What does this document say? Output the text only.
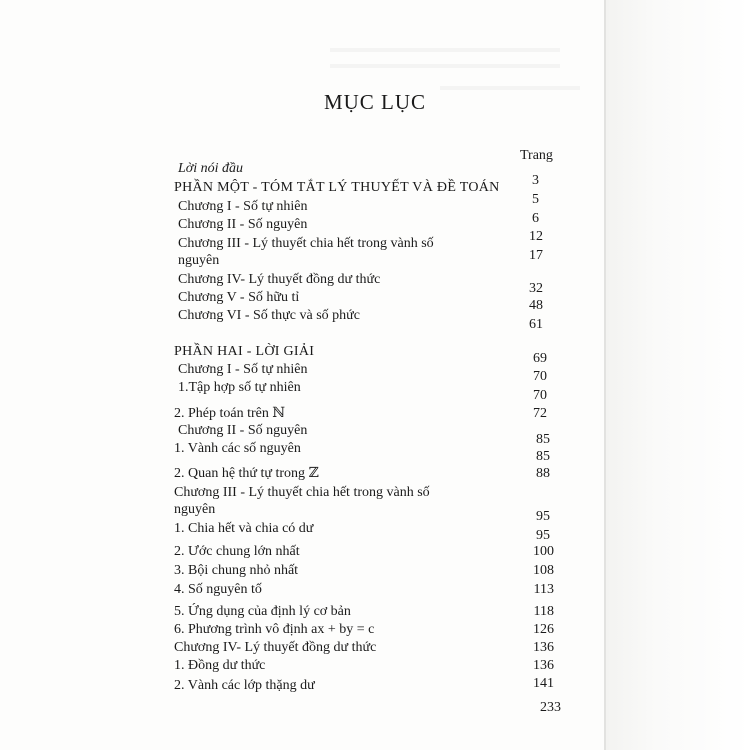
MỤC LỤC
Trang
Lời nói đầu
PHẦN MỘT - TÓM TẮT LÝ THUYẾT VÀ ĐỀ TOÁN
Chương I - Số tự nhiên
Chương II - Số nguyên
Chương III - Lý thuyết chia hết trong vành số
nguyên
Chương IV- Lý thuyết đồng dư thức
Chương V - Số hữu tỉ
Chương VI - Số thực và số phức
PHẦN HAI - LỜI GIẢI
Chương I - Số tự nhiên
1.Tập hợp số tự nhiên
2. Phép toán trên ℕ
Chương II - Số nguyên
1. Vành các số nguyên
2. Quan hệ thứ tự trong ℤ
Chương III - Lý thuyết chia hết trong vành số
nguyên
1. Chia hết và chia có dư
2. Ước chung lớn nhất
3. Bội chung nhỏ nhất
4. Số nguyên tố
5. Ứng dụng của định lý cơ bản
6. Phương trình vô định ax + by = c
Chương IV- Lý thuyết đồng dư thức
1. Đồng dư thức
2. Vành các lớp thặng dư
3
5
6
12
17
32
48
61
69
70
70
72
85
85
88
95
95
100
108
113
118
126
136
136
141
233
